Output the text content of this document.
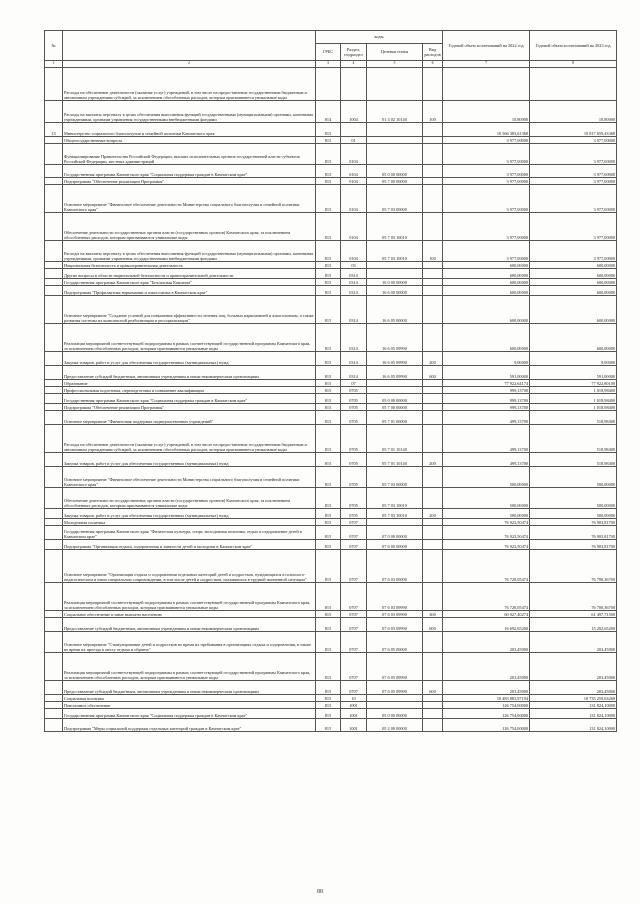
№		коды				Годовой объем ассигнований на 2022 год	Годовой объем ассигнований на 2023 год
		ГРБС	Раздел, подраздел	Целевая статья	Вид расходов		
1	2	3	4	5	6	7	8
	Расходы на обеспечение деятельности (оказание услуг) учреждений, в том числе на предоставление государственным бюджетным и автономным учреждениям субсидий, за исключением обособленных расходов, которым присваиваются уникальные коды						
	Расходы на выплаты персоналу в целях обеспечения выполнения функций государственными (муниципальными) органами, казенными учреждениями, органами управления государственными внебюджетными фондами	814	1004	01 4 02 10140	100	10,80000	10,80000
13	Министерство социального благополучия и семейной политики Камчатского края	815				10 566 383,61368	10 817 659,43368
	Общегосударственные вопросы	815	01			3 977,00000	3 977,00000
	Функционирование Правительства Российской Федерации, высших исполнительных органов государственной власти субъектов Российской Федерации, местных администраций	815	0104			3 977,00000	3 977,00000
	Государственная программа Камчатского края "Социальная поддержка граждан в Камчатском крае"	815	0104	05 0 00 00000		3 977,00000	3 977,00000
	Подпрограмма "Обеспечение реализации Программы"	815	0104	05 7 00 00000		3 977,00000	3 977,00000
	Основное мероприятие "Финансовое обеспечение деятельности Министерства социального благополучия и семейной политики Камчатского края"	815	0104	05 7 03 00000		3 977,00000	3 977,00000
	Обеспечение деятельности государственных органов власти (государственных органов) Камчатского края, за исключением обособленных расходов, которым присваиваются уникальные коды	815	0104	05 7 03 10010		3 977,00000	3 977,00000
	Расходы на выплаты персоналу в целях обеспечения выполнения функций государственными (муниципальными) органами, казенными учреждениями, органами управления государственными внебюджетными фондами	815	0104	05 7 03 10010	100	3 977,00000	3 977,00000
	Национальная безопасность и правоохранительная деятельность	815	03			600,00000	600,00000
	Другие вопросы в области национальной безопасности и правоохранительной деятельности	815	0314			600,00000	600,00000
	Государственная программа Камчатского края "Безопасная Камчатка"	815	0314	16 0 00 00000		600,00000	600,00000
	Подпрограмма "Профилактика наркомании и алкоголизма в Камчатском крае"	815	0314	16 6 00 00000		600,00000	600,00000
	Основное мероприятие "Создание условий для повышения эффективности лечения лиц, больных наркоманией и алкоголизмом, а также развития системы их комплексной реабилитации и ресоциализации"	815	0314	16 6 05 00000		600,00000	600,00000
	Реализация мероприятий соответствующей подпрограммы в рамках соответствующей государственной программы Камчатского края, за исключением обособленных расходов, которым присваиваются уникальные коды	815	0314	16 6 05 09990		600,00000	600,00000
	Закупка товаров, работ и услуг для обеспечения государственных (муниципальных) нужд	815	0314	16 6 05 09990	200	9,00000	9,00000
	Предоставление субсидий бюджетным, автономным учреждениям и иным некоммерческим организациям	815	0314	16 6 05 09990	600	591,00000	591,00000
	Образование	815	07			77 922,64174	77 922,80100
	Профессиональная подготовка, переподготовка и повышение квалификации	815	0705			999,13700	1 018,98400
	Государственная программа Камчатского края "Социальная поддержка граждан в Камчатском крае"	815	0705	05 0 00 00000		999,13700	1 018,98400
	Подпрограмма "Обеспечение реализации Программы"	815	0705	05 7 00 00000		999,13700	1 018,98400
	Основное мероприятие "Финансовая поддержка подведомственных учреждений"	815	0705	05 7 01 00000		499,13700	518,98400
	Расходы на обеспечение деятельности (оказание услуг) учреждений, в том числе на предоставление государственным бюджетным и автономным учреждениям субсидий, за исключением обособленных расходов, которым присваиваются уникальные коды	815	0705	05 7 01 10140		499,13700	518,98400
	Закупка товаров, работ и услуг для обеспечения государственных (муниципальных) нужд	815	0705	05 7 01 10140	200	499,13700	518,98400
	Основное мероприятие "Финансовое обеспечение деятельности Министерства социального благополучия и семейной политики Камчатского края"	815	0705	05 7 03 00000		500,00000	500,00000
	Обеспечение деятельности государственных органов власти (государственных органов) Камчатского края, за исключением обособленных расходов, которым присваиваются уникальные коды	815	0705	05 7 03 10010		500,00000	500,00000
	Закупка товаров, работ и услуг для обеспечения государственных (муниципальных) нужд	815	0705	05 7 03 10010	200	500,00000	500,00000
	Молодежная политика	815	0707			76 923,50474	76 903,81700
	Государственная программа Камчатского края "Физическая культура, спорт, молодежная политика, отдых и оздоровление детей в Камчатском крае"	815	0707	07 0 00 00000		76 923,50474	76 903,81700
	Подпрограмма "Организация отдыха, оздоровления и занятости детей и молодежи в Камчатском крае"	815	0707	07 6 00 00000		76 923,50474	76 903,81700
	Основное мероприятие "Организация отдыха и оздоровления отдельных категорий детей и подростков, нуждающихся в психолого-педагогическом и ином специальном сопровождении, в том числе детей и подростков, оказавшихся в трудной жизненной ситуации"	815	0707	07 6 03 00000		76 720,05474	76 700,36700
	Реализация мероприятий соответствующей подпрограммы в рамках соответствующей государственной программы Камчатского края, за исключением обособленных расходов, которым присваиваются уникальные коды	815	0707	07 6 03 09990		76 720,05474	76 700,36700
	Социальное обеспечение и иные выплаты населению	815	0707	07 6 03 09990	300	60 027,40274	61 497,71500
	Предоставление субсидий бюджетным, автономным учреждениям и иным некоммерческим организациям	815	0707	07 6 03 09990	600	16 692,65200	15 202,65200
	Основное мероприятие "Стимулирование детей и подростков во время их пребывания в организациях отдыха и оздоровления, в также во время их проезда к месту отдыха и обратно"	815	0707	07 6 05 00000		203,45000	203,45000
	Реализация мероприятий соответствующей подпрограммы в рамках соответствующей государственной программы Камчатского края, за исключением обособленных расходов, которым присваиваются уникальные коды	815	0707	07 6 05 09990		203,45000	203,45000
	Предоставление субсидий бюджетным, автономным учреждениям и иным некоммерческим организациям	815	0707	07 6 05 09990	600	203,45000	203,45000
	Социальная политика	815	10			10 483 883,97194	10 735 259,63268
	Пенсионное обеспечение	815	1001			126 754,00000	131 824,10000
	Государственная программа Камчатского края "Социальная поддержка граждан в Камчатском крае"	815	1001	05 0 00 00000		126 754,00000	131 824,10000
	Подпрограмма "Меры социальной поддержки отдельных категорий граждан в Камчатском крае"	815	1001	05 2 00 00000		126 754,00000	131 824,10000
88
